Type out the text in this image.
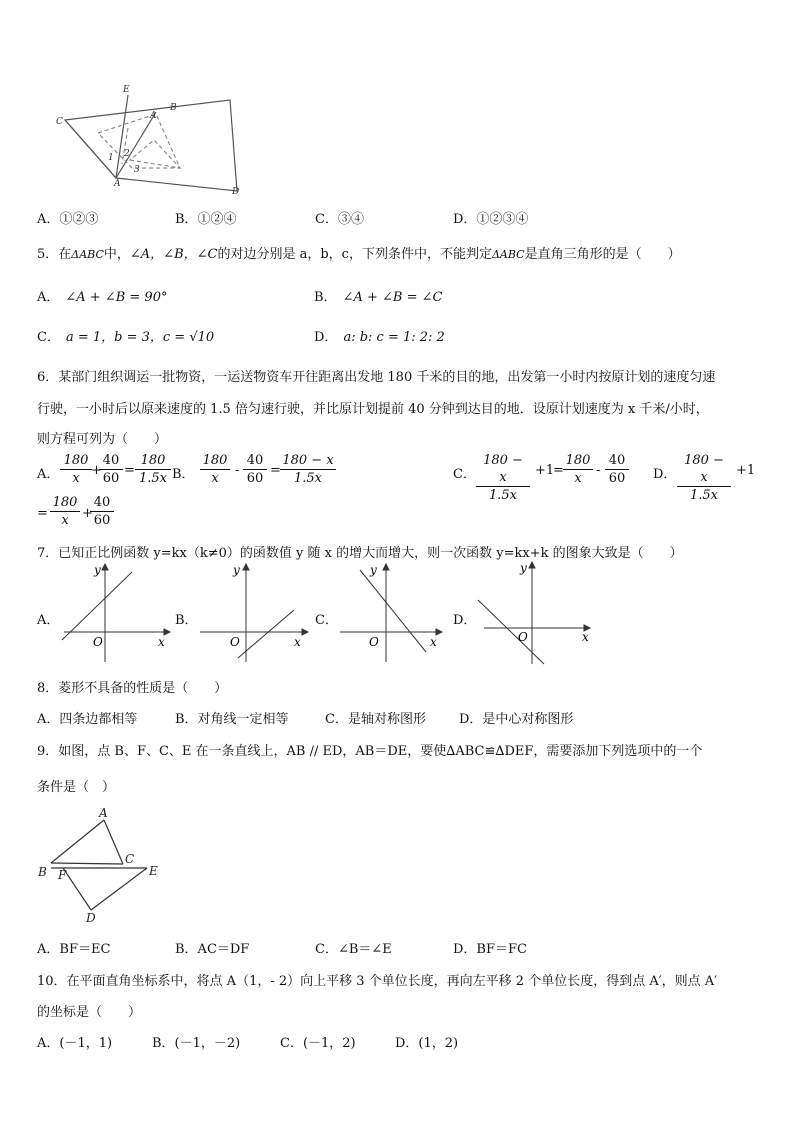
E
B
C
A
A
D
1 2
3
A．①②③	B．①②④	C．③④	D．①②③④
5．在ΔABC中，∠A，∠B，∠C的对边分别是 a，b，c，下列条件中，不能判定ΔABC是直角三角形的是（　　）
A． ∠A + ∠B = 90°	B． ∠A + ∠B = ∠C
C． a = 1，b = 3，c = √10	D． a: b: c = 1: 2: 2
6．某部门组织调运一批物资，一运送物资车开往距离出发地 180 千米的目的地，出发第一小时内按原计划的速度匀速
行驶，一小时后以原来速度的 1.5 倍匀速行驶，并比原计划提前 40 分钟到达目的地．设原计划速度为 x 千米/小时，
则方程可列为（　　）
A． $\frac{180}{x}$ +
$\frac{40}{60} = \frac{180}{1.5x}$ B． $\frac{180}{x} - \frac{40}{60} = \frac{180 - x}{1.5x}$	C． $\frac{180 - x}{1.5x} +1$
= $\frac{180}{x} - \frac{40}{60}$ D． $\frac{180 - x}{1.5x} +1$
= $\frac{180}{x}$ +
$\frac{40}{60}$
7．已知正比例函数 y=kx（k≠0）的函数值 y 随 x 的增大而增大，则一次函数 y=kx+k 的图象大致是（　　）
A．
y
x
O
B．
y
x
O
C．
y
x
O
D．
y
x
O
8．菱形不具备的性质是（　　）
A．四条边都相等	B．对角线一定相等	C．是轴对称图形	D．是中心对称图形
9．如图，点 B、F、C、E 在一条直线上，AB // ED，AB＝DE，要使∆ABC≌∆DEF，需要添加下列选项中的一个
条件是（　）
A
B F
C
E
D
A．BF＝EC	B．AC＝DF	C．∠B＝∠E	D．BF＝FC
10．在平面直角坐标系中，将点 A（1，- 2）向上平移 3 个单位长度，再向左平移 2 个单位长度，得到点 A′，则点 A′
的坐标是（　　）
A．(－1，1)	B．(－1，－2)	C．(－1，2)	D．(1，2)
